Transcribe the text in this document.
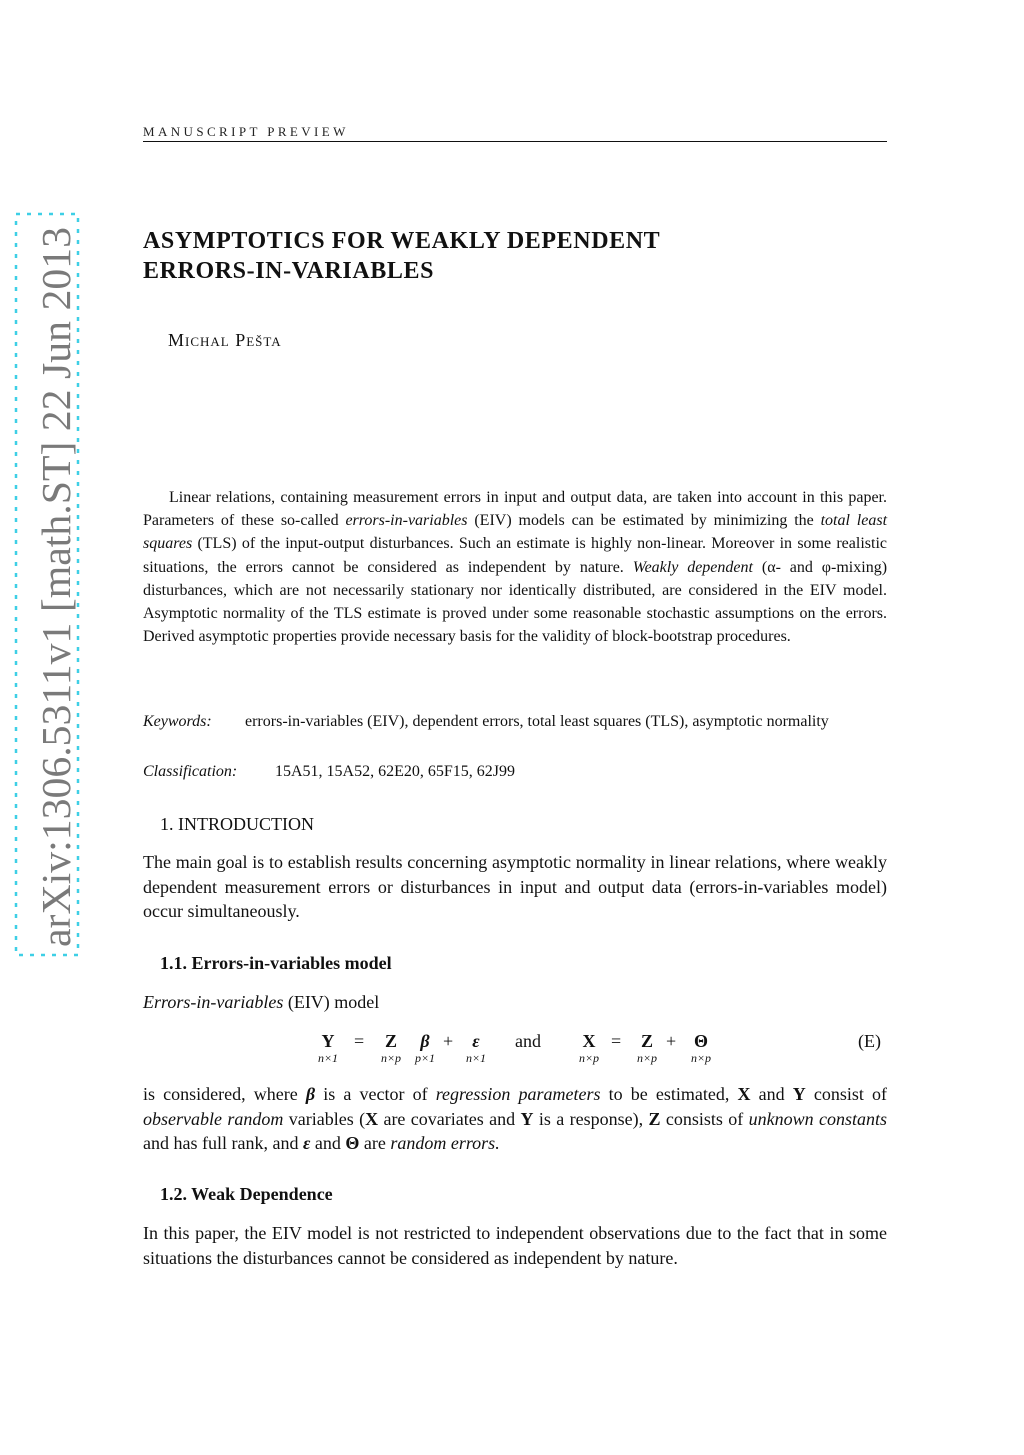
arXiv:1306.5311v1 [math.ST] 22 Jun 2013
MANUSCRIPT PREVIEW
ASYMPTOTICS FOR WEAKLY DEPENDENT
ERRORS-IN-VARIABLES
Michal Pešta
Linear relations, containing measurement errors in input and output data, are taken into account in this paper. Parameters of these so-called errors-in-variables (EIV) models can be estimated by minimizing the total least squares (TLS) of the input-output disturbances. Such an estimate is highly non-linear. Moreover in some realistic situations, the errors cannot be considered as independent by nature. Weakly dependent (α- and φ-mixing) disturbances, which are not necessarily stationary nor identically distributed, are considered in the EIV model. Asymptotic normality of the TLS estimate is proved under some reasonable stochastic assumptions on the errors. Derived asymptotic properties provide necessary basis for the validity of block-bootstrap procedures.
Keywords: errors-in-variables (EIV), dependent errors, total least squares (TLS), asymptotic normality
Classification: 15A51, 15A52, 62E20, 65F15, 62J99
1. INTRODUCTION
The main goal is to establish results concerning asymptotic normality in linear relations, where weakly dependent measurement errors or disturbances in input and output data (errors-in-variables model) occur simultaneously.
1.1. Errors-in-variables model
Errors-in-variables (EIV) model
Y
n×1
=	Z
n×p
β
p×1
+	ε
n×1
and	X
n×p
=	Z
n×p
+ Θ
n×p
(E)
is considered, where β is a vector of regression parameters to be estimated, X and Y consist of observable random variables (X are covariates and Y is a response), Z consists of unknown constants and has full rank, and ε and Θ are random errors.
1.2. Weak Dependence
In this paper, the EIV model is not restricted to independent observations due to the fact that in some situations the disturbances cannot be considered as independent by nature.
